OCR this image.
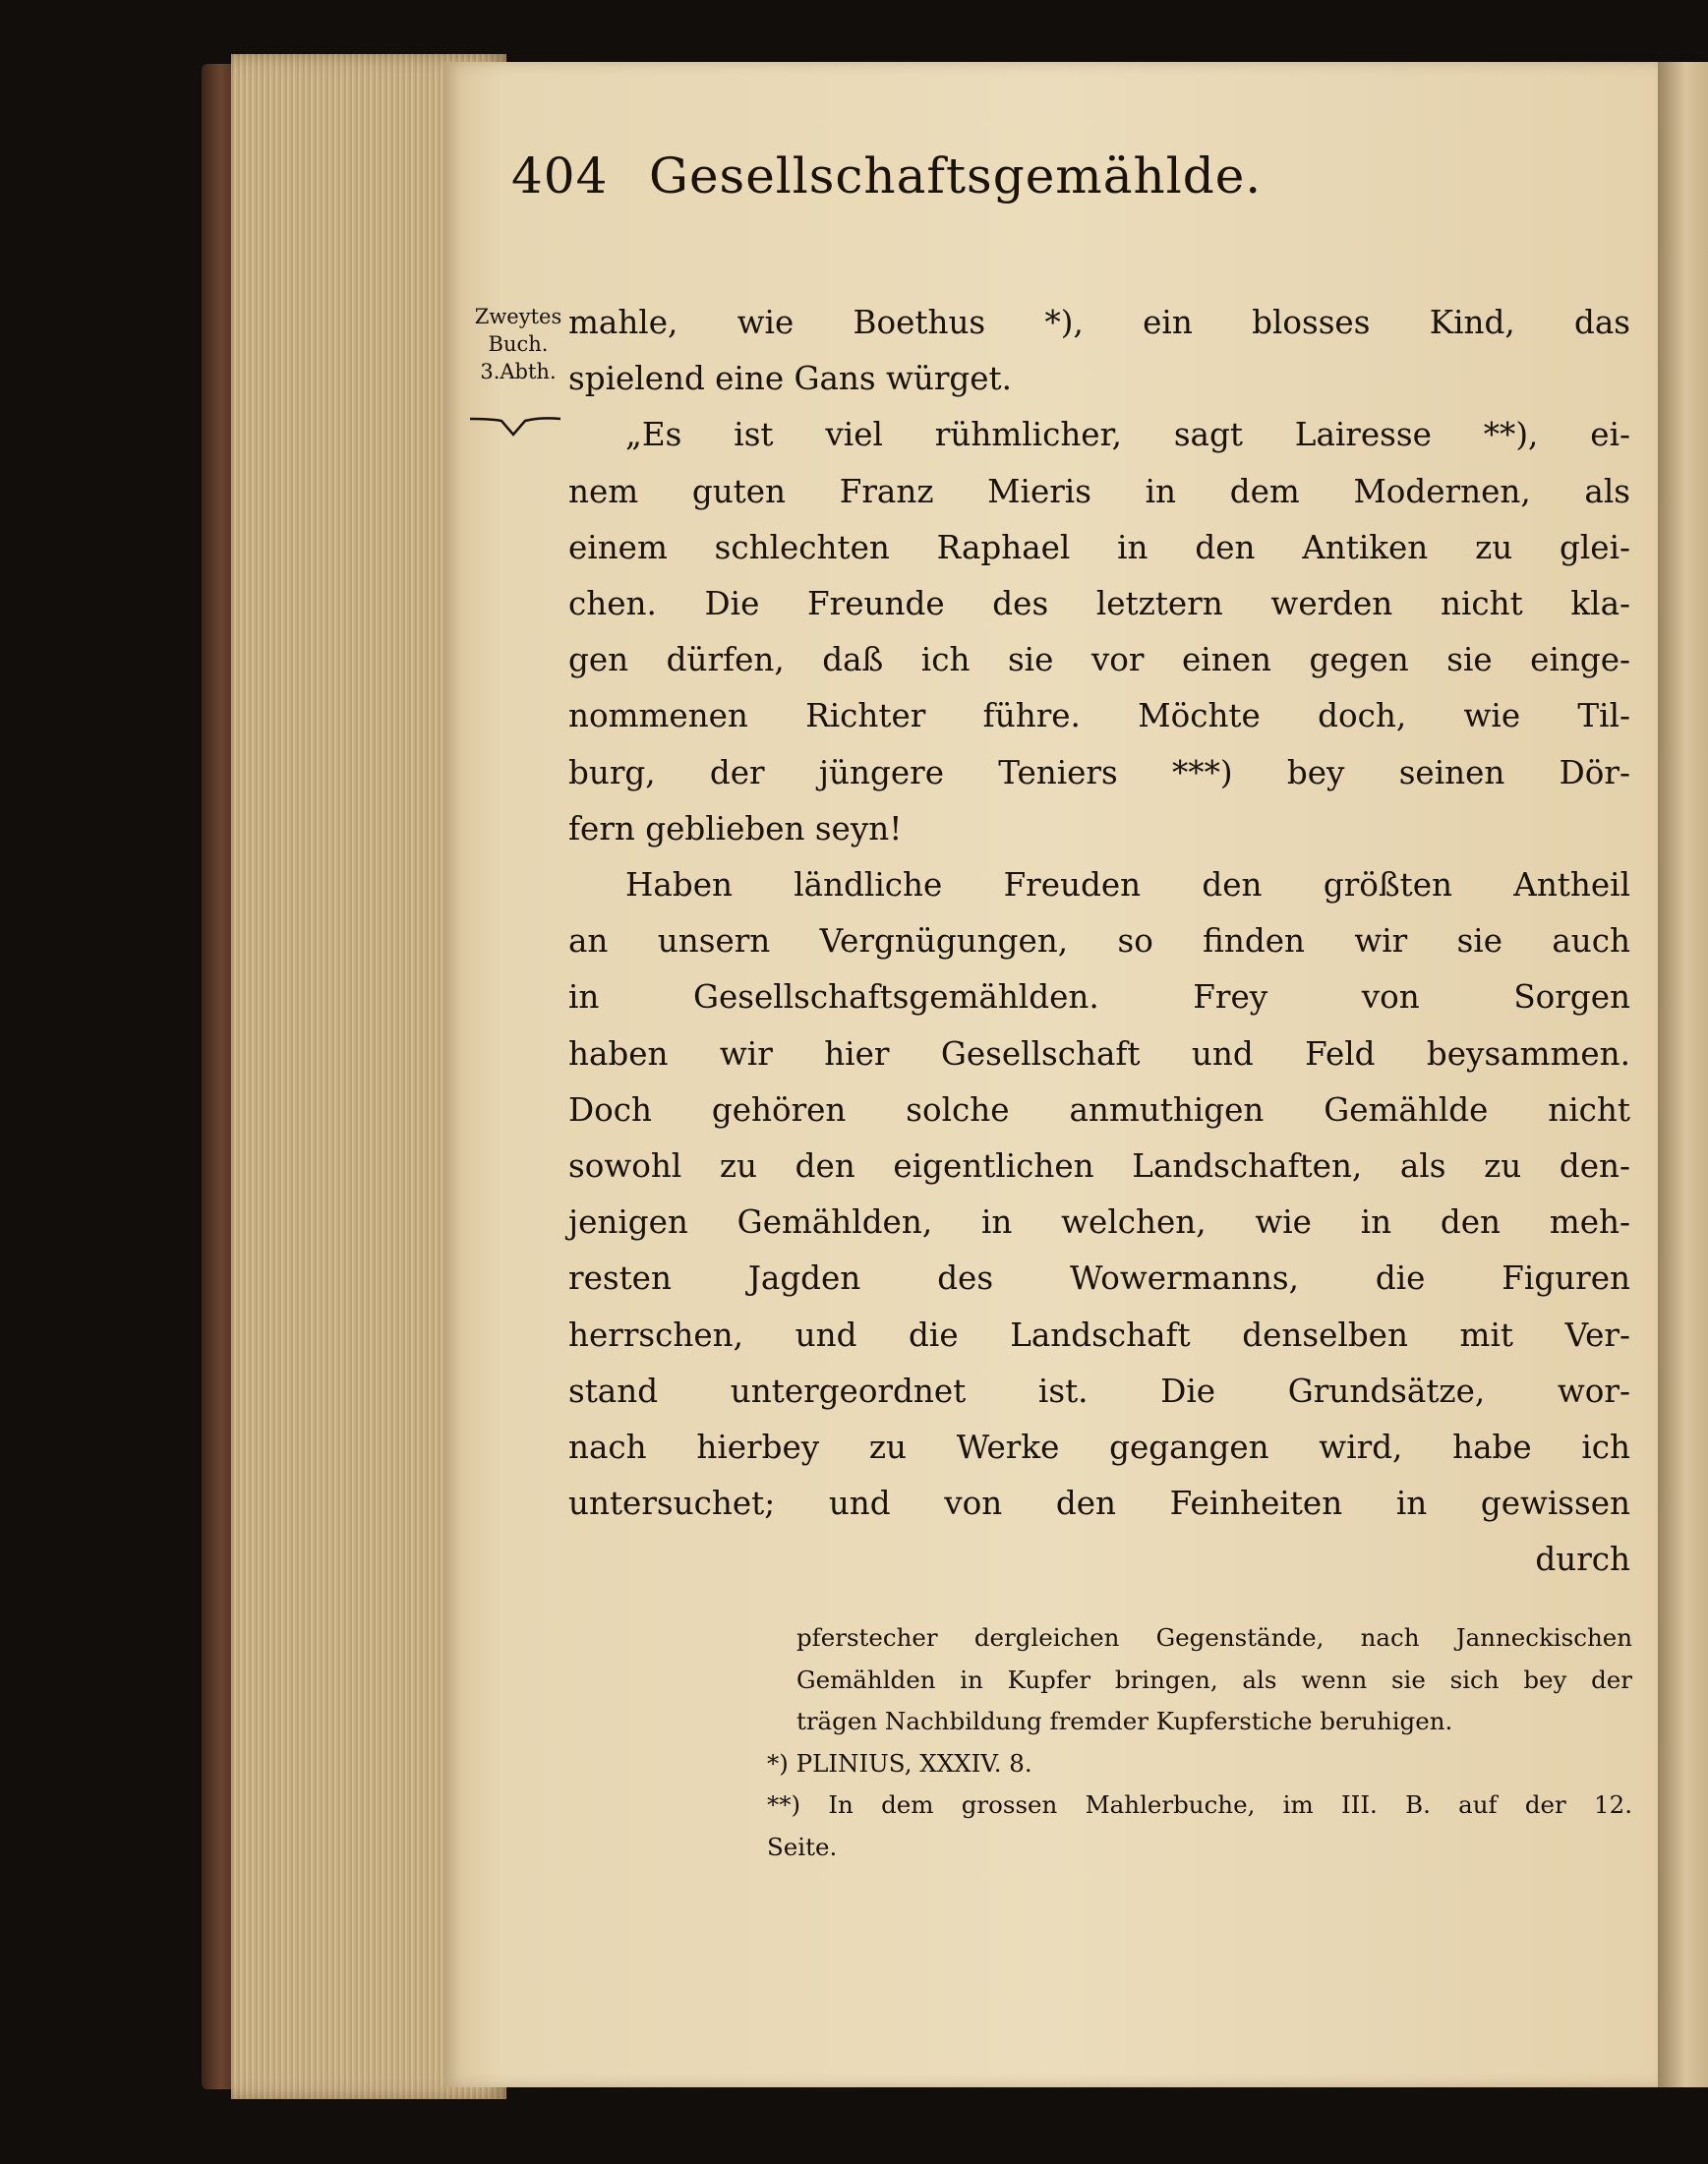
404 Gesellschaftsgemählde.
Zweytes
Buch.
3.Abth.
mahle, wie Boethus *), ein blosses Kind, das
spielend eine Gans würget.
„Es ist viel rühmlicher, sagt Lairesse **), ei-
nem guten Franz Mieris in dem Modernen, als
einem schlechten Raphael in den Antiken zu glei-
chen. Die Freunde des letztern werden nicht kla-
gen dürfen, daß ich sie vor einen gegen sie einge-
nommenen Richter führe. Möchte doch, wie Til-
burg, der jüngere Teniers ***) bey seinen Dör-
fern geblieben seyn!
Haben ländliche Freuden den größten Antheil
an unsern Vergnügungen, so finden wir sie auch
in Gesellschaftsgemählden. Frey von Sorgen
haben wir hier Gesellschaft und Feld beysammen.
Doch gehören solche anmuthigen Gemählde nicht
sowohl zu den eigentlichen Landschaften, als zu den-
jenigen Gemählden, in welchen, wie in den meh-
resten Jagden des Wowermanns, die Figuren
herrschen, und die Landschaft denselben mit Ver-
stand untergeordnet ist. Die Grundsätze, wor-
nach hierbey zu Werke gegangen wird, habe ich
untersuchet; und von den Feinheiten in gewissen
durch
pferstecher dergleichen Gegenstände, nach Janneckischen
Gemählden in Kupfer bringen, als wenn sie sich bey der
trägen Nachbildung fremder Kupferstiche beruhigen.
*) PLINIUS, XXXIV. 8.
**) In dem grossen Mahlerbuche, im III. B. auf der 12.
Seite.
